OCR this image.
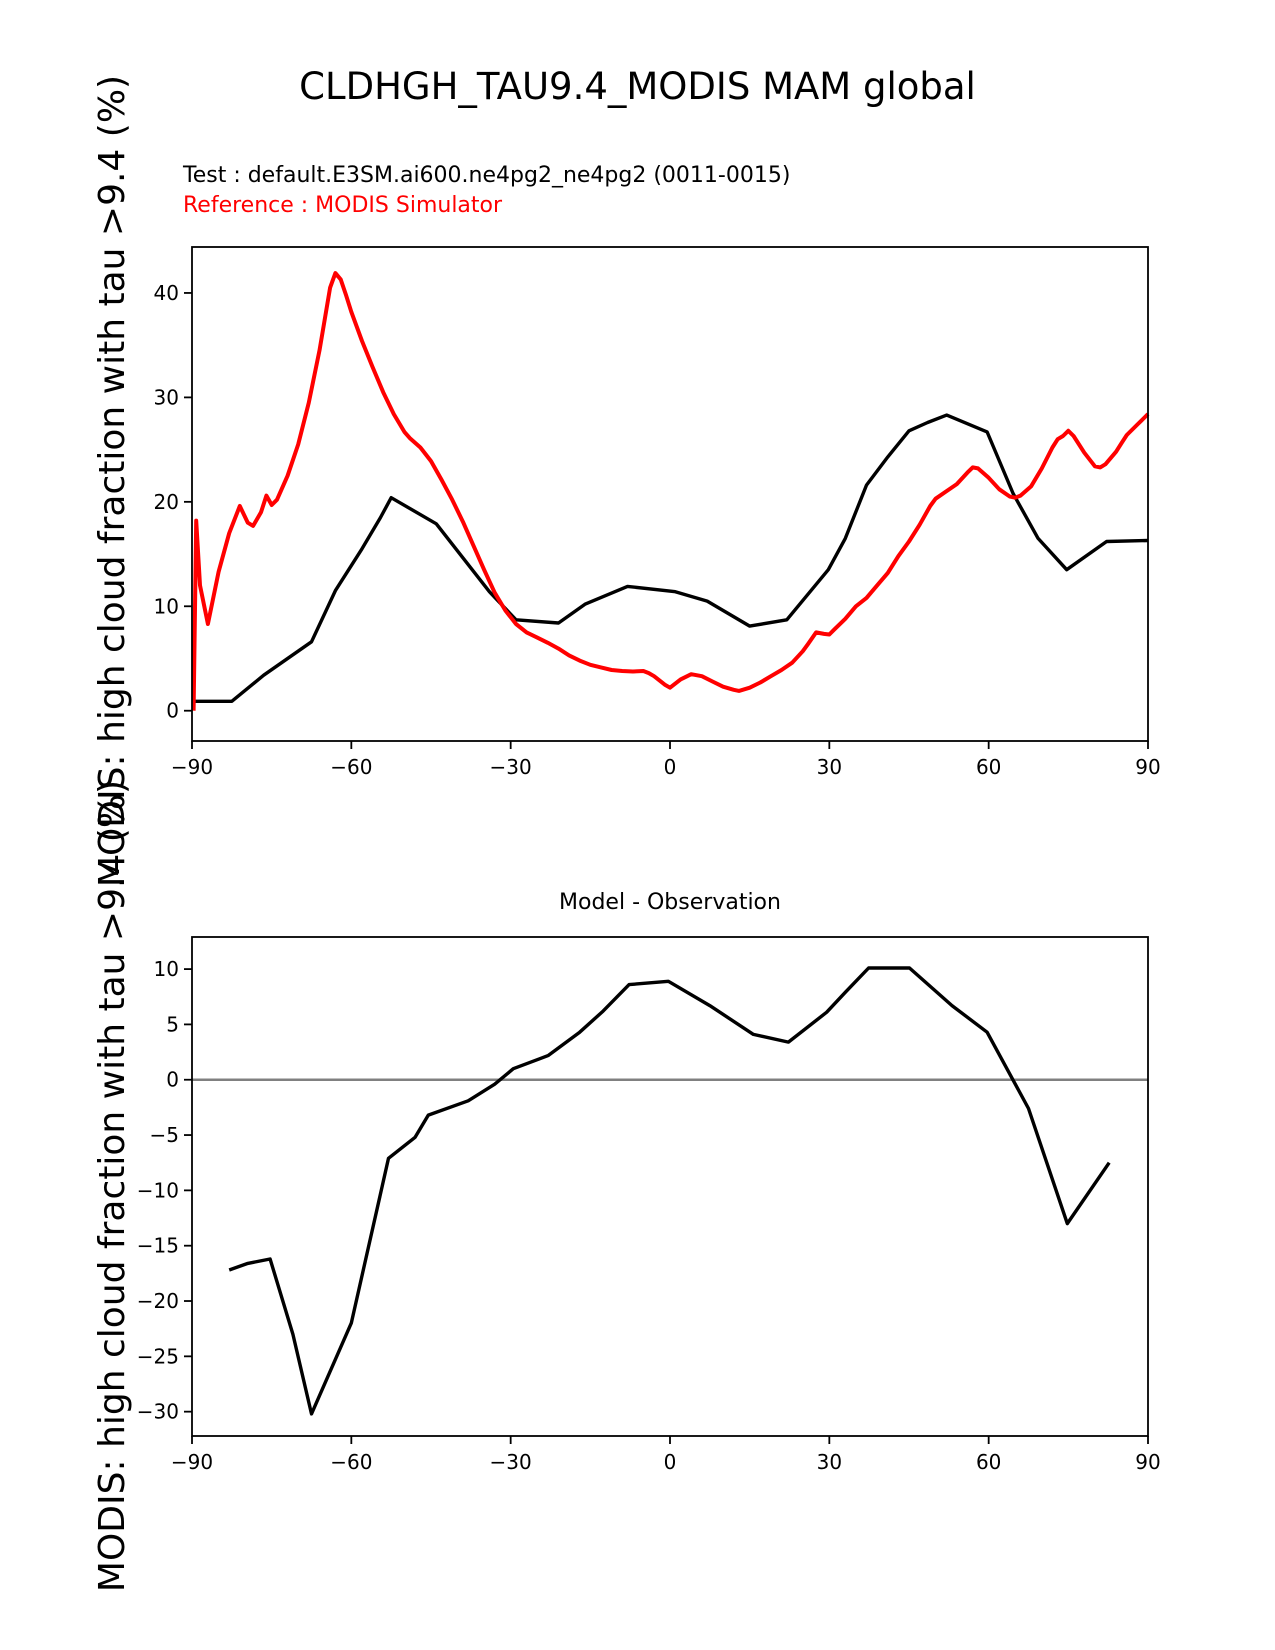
MODIS: high cloud fraction with tau >9.4 (%)
MODIS: high cloud fraction with tau >9.4 (%)
CLDHGH_TAU9.4_MODIS MAM global
Test : default.E3SM.ai600.ne4pg2_ne4pg2 (0011-0015)
Reference : MODIS Simulator
Model - Observation
−90	−60	−30	0	30	60	90
0
10
20
30
40
−90	−60	−30	0	30	60	90
10
5
0
−5
−10
−15
−20
−25
−30
